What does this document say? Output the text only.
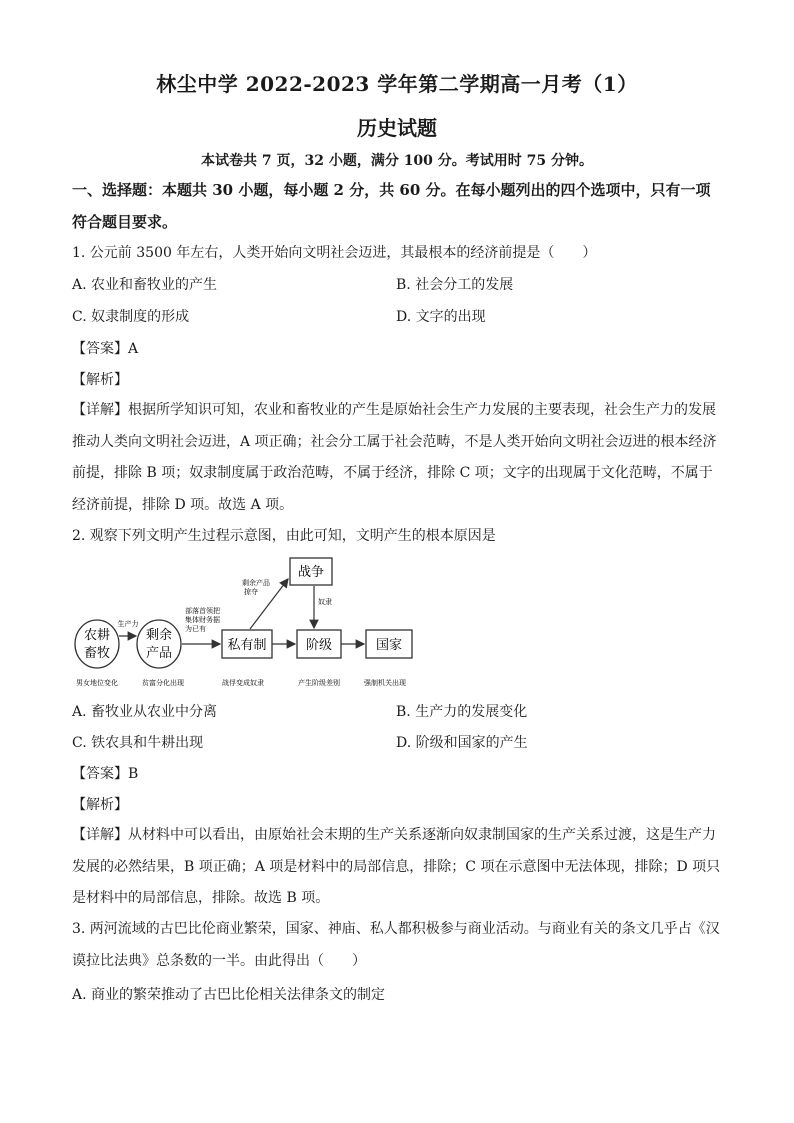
林尘中学 2022-2023 学年第二学期高一月考（1）
历史试题
本试卷共 7 页，32 小题，满分 100 分。考试用时 75 分钟。
一、选择题：本题共 30 小题，每小题 2 分，共 60 分。在每小题列出的四个选项中，只有一项符合题目要求。
1. 公元前 3500 年左右，人类开始向文明社会迈进，其最根本的经济前提是（　　）
A. 农业和畜牧业的产生	B. 社会分工的发展
C. 奴隶制度的形成	D. 文字的出现
【答案】A
【解析】
【详解】根据所学知识可知，农业和畜牧业的产生是原始社会生产力发展的主要表现，社会生产力的发展推动人类向文明社会迈进，A 项正确；社会分工属于社会范畴，不是人类开始向文明社会迈进的根本经济前提，排除 B 项；奴隶制度属于政治范畴，不属于经济，排除 C 项；文字的出现属于文化范畴，不属于经济前提，排除 D 项。故选 A 项。
2. 观察下列文明产生过程示意图，由此可知，文明产生的根本原因是
农耕
畜牧
剩余
产品
私有制	阶级	国家
战争
生产力
部落首领把
集体财务据
为已有
剩余产品
掠夺
奴隶
男女地位变化	贫富分化出现	战俘变成奴隶	产生阶级差别	强制机关出现
A. 畜牧业从农业中分离	B. 生产力的发展变化
C. 铁农具和牛耕出现	D. 阶级和国家的产生
【答案】B
【解析】
【详解】从材料中可以看出，由原始社会末期的生产关系逐渐向奴隶制国家的生产关系过渡，这是生产力发展的必然结果，B 项正确；A 项是材料中的局部信息，排除；C 项在示意图中无法体现，排除；D 项只是材料中的局部信息，排除。故选 B 项。
3. 两河流域的古巴比伦商业繁荣，国家、神庙、私人都积极参与商业活动。与商业有关的条文几乎占《汉谟拉比法典》总条数的一半。由此得出（　　）
A. 商业的繁荣推动了古巴比伦相关法律条文的制定
